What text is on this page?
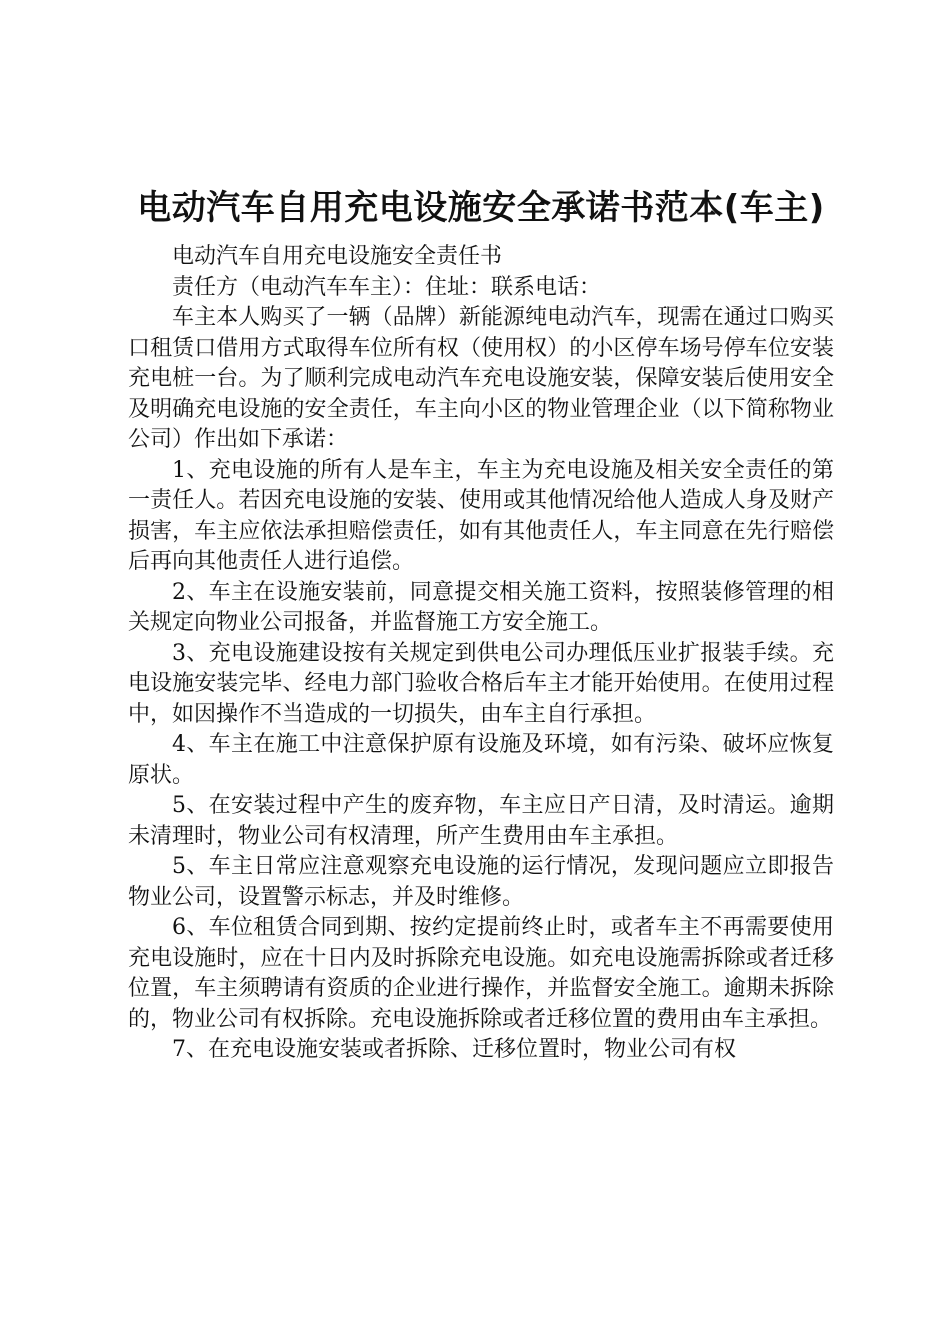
电动汽车自用充电设施安全承诺书范本(车主)

电动汽车自用充电设施安全责任书

责任方（电动汽车车主）：住址：联系电话：

车主本人购买了一辆（品牌）新能源纯电动汽车，现需在通过口购买口租赁口借用方式取得车位所有权（使用权）的小区停车场号停车位安装充电桩一台。为了顺利完成电动汽车充电设施安装，保障安装后使用安全及明确充电设施的安全责任，车主向小区的物业管理企业（以下简称物业公司）作出如下承诺：

1、充电设施的所有人是车主，车主为充电设施及相关安全责任的第一责任人。若因充电设施的安装、使用或其他情况给他人造成人身及财产损害，车主应依法承担赔偿责任，如有其他责任人，车主同意在先行赔偿后再向其他责任人进行追偿。

2、车主在设施安装前，同意提交相关施工资料，按照装修管理的相关规定向物业公司报备，并监督施工方安全施工。

3、充电设施建设按有关规定到供电公司办理低压业扩报装手续。充电设施安装完毕、经电力部门验收合格后车主才能开始使用。在使用过程中，如因操作不当造成的一切损失，由车主自行承担。

4、车主在施工中注意保护原有设施及环境，如有污染、破坏应恢复原状。

5、在安装过程中产生的废弃物，车主应日产日清，及时清运。逾期未清理时，物业公司有权清理，所产生费用由车主承担。

5、车主日常应注意观察充电设施的运行情况，发现问题应立即报告物业公司，设置警示标志，并及时维修。

6、车位租赁合同到期、按约定提前终止时，或者车主不再需要使用充电设施时，应在十日内及时拆除充电设施。如充电设施需拆除或者迁移位置，车主须聘请有资质的企业进行操作，并监督安全施工。逾期未拆除的，物业公司有权拆除。充电设施拆除或者迁移位置的费用由车主承担。

7、在充电设施安装或者拆除、迁移位置时，物业公司有权
